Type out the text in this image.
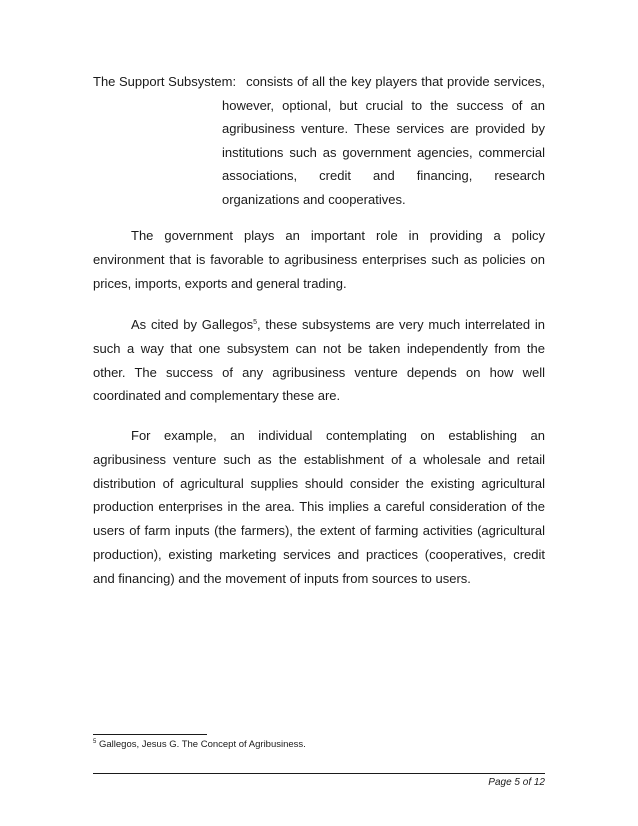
The Support Subsystem: consists of all the key players that provide services,
however, optional, but crucial to the success of an agribusiness venture. These services are provided by institutions such as government agencies, commercial associations, credit and financing, research organizations and cooperatives.

The government plays an important role in providing a policy environment that is favorable to agribusiness enterprises such as policies on prices, imports, exports and general trading.

As cited by Gallegos$^5$, these subsystems are very much interrelated in such a way that one subsystem can not be taken independently from the other. The success of any agribusiness venture depends on how well coordinated and complementary these are.

For example, an individual contemplating on establishing an agribusiness venture such as the establishment of a wholesale and retail distribution of agricultural supplies should consider the existing agricultural production enterprises in the area. This implies a careful consideration of the users of farm inputs (the farmers), the extent of farming activities (agricultural production), existing marketing services and practices (cooperatives, credit and financing) and the movement of inputs from sources to users.

$^5$ Gallegos, Jesus G. The Concept of Agribusiness.
Page 5 of 12
